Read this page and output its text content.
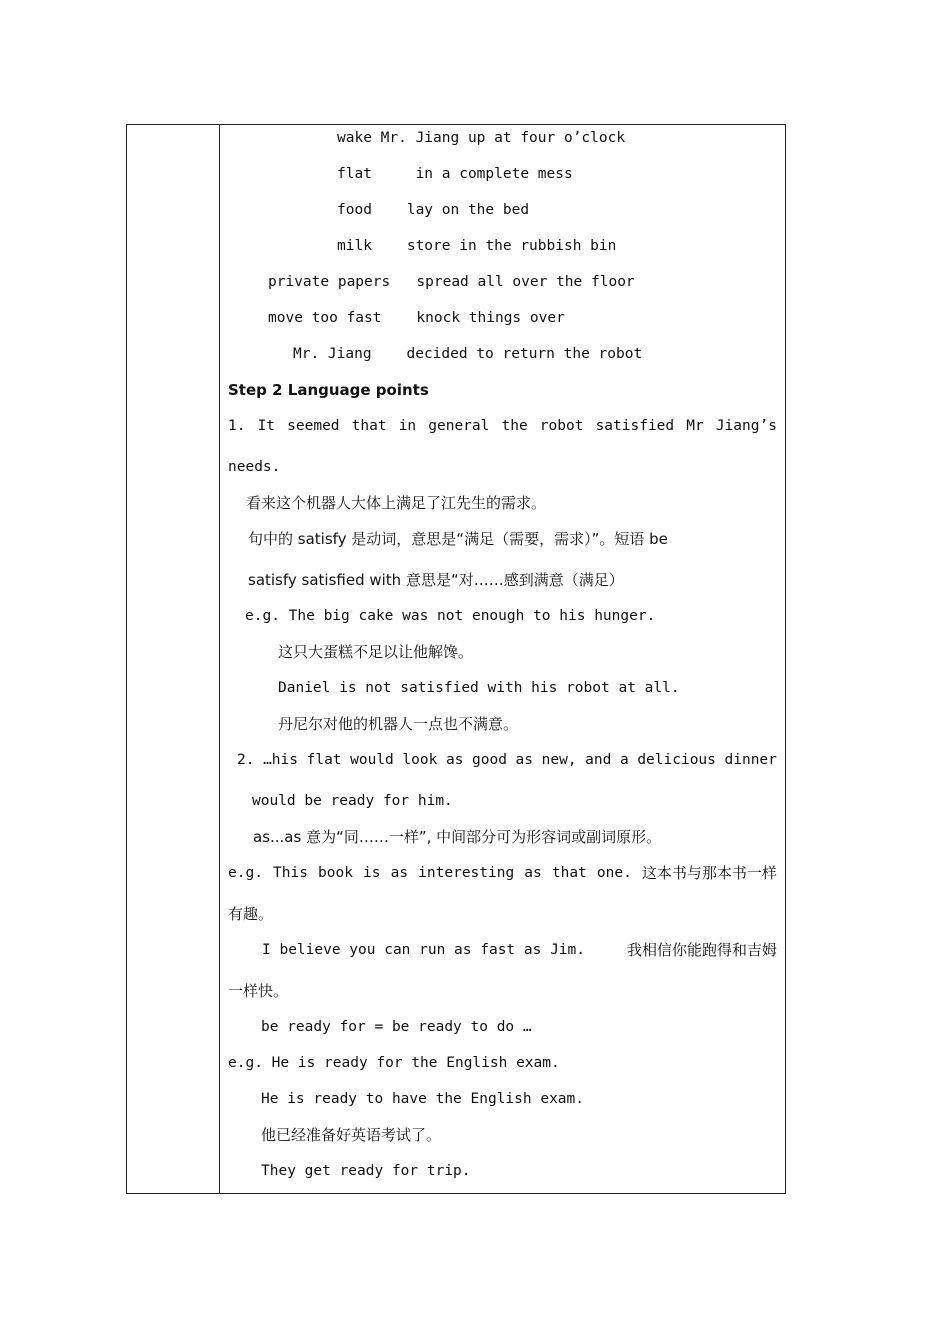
wake Mr. Jiang up at four o’clock
flat     in a complete mess
food    lay on the bed
milk    store in the rubbish bin
private papers   spread all over the floor
move too fast    knock things over
Mr. Jiang    decided to return the robot
Step 2 Language points
1. It seemed that in general the robot satisfied Mr Jiang’s
needs.
看来这个机器人大体上满足了江先生的需求。
句中的 satisfy 是动词，意思是“满足（需要，需求）”。短语 be
satisfy satisfied with 意思是“对……感到满意（满足）
e.g. The big cake was not enough to his hunger.
这只大蛋糕不足以让他解馋。
Daniel is not satisfied with his robot at all.
丹尼尔对他的机器人一点也不满意。
2. …his flat would look as good as new, and a delicious dinner
would be ready for him.
as...as 意为“同……一样”, 中间部分可为形容词或副词原形。
e.g. This book is as interesting as that one. 这本书与那本书一样
有趣。
I believe you can run as fast as Jim.	我相信你能跑得和吉姆
一样快。
be ready for = be ready to do …
e.g. He is ready for the English exam.
He is ready to have the English exam.
他已经准备好英语考试了。
They get ready for trip.
